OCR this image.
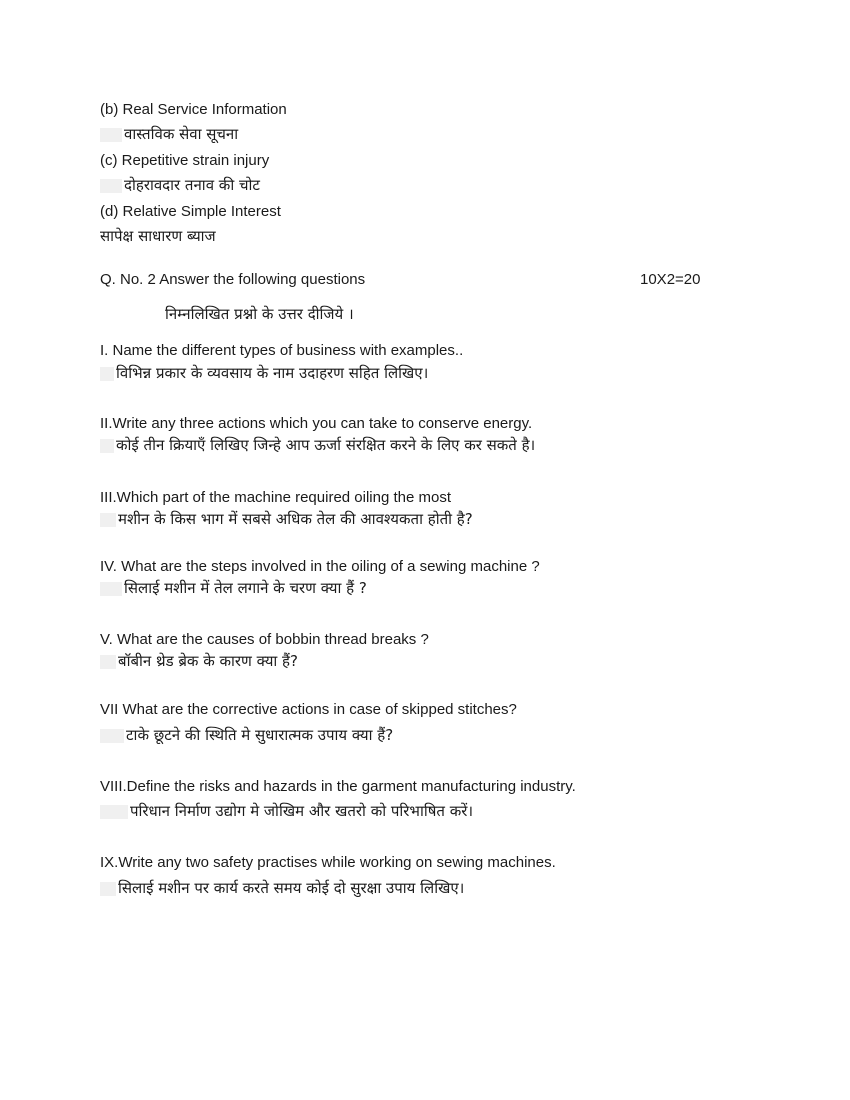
(b) Real Service Information
वास्तविक सेवा सूचना
(c) Repetitive strain injury
दोहरावदार तनाव की चोट
(d) Relative Simple Interest
सापेक्ष साधारण ब्याज
Q. No. 2 Answer the following questions	10X2=20
निम्नलिखित प्रश्नो के उत्तर दीजिये ।
I. Name the different types of business with examples..
विभिन्न प्रकार के व्यवसाय के नाम उदाहरण सहित लिखिए।
II.Write any three actions which you can take to conserve energy.
कोई तीन क्रियाएँ लिखिए जिन्हे आप ऊर्जा संरक्षित करने के लिए कर सकते है।
III.Which part of the machine required oiling the most
मशीन के किस भाग में सबसे अधिक तेल की आवश्यकता होती है?
IV. What are the steps involved in the oiling of a sewing machine ?
सिलाई मशीन में तेल लगाने के चरण क्या हैं ?
V. What are the causes of bobbin thread breaks ?
बॉबीन थ्रेड ब्रेक के कारण क्या हैं?
VII What are the corrective actions in case of skipped stitches?
टाके छूटने की स्थिति मे सुधारात्मक उपाय क्या हैं?
VIII.Define the risks and hazards in the garment manufacturing industry.
परिधान निर्माण उद्योग मे जोखिम और खतरो को परिभाषित करें।
IX.Write any two safety practises while working on sewing machines.
सिलाई मशीन पर कार्य करते समय कोई दो सुरक्षा उपाय लिखिए।
